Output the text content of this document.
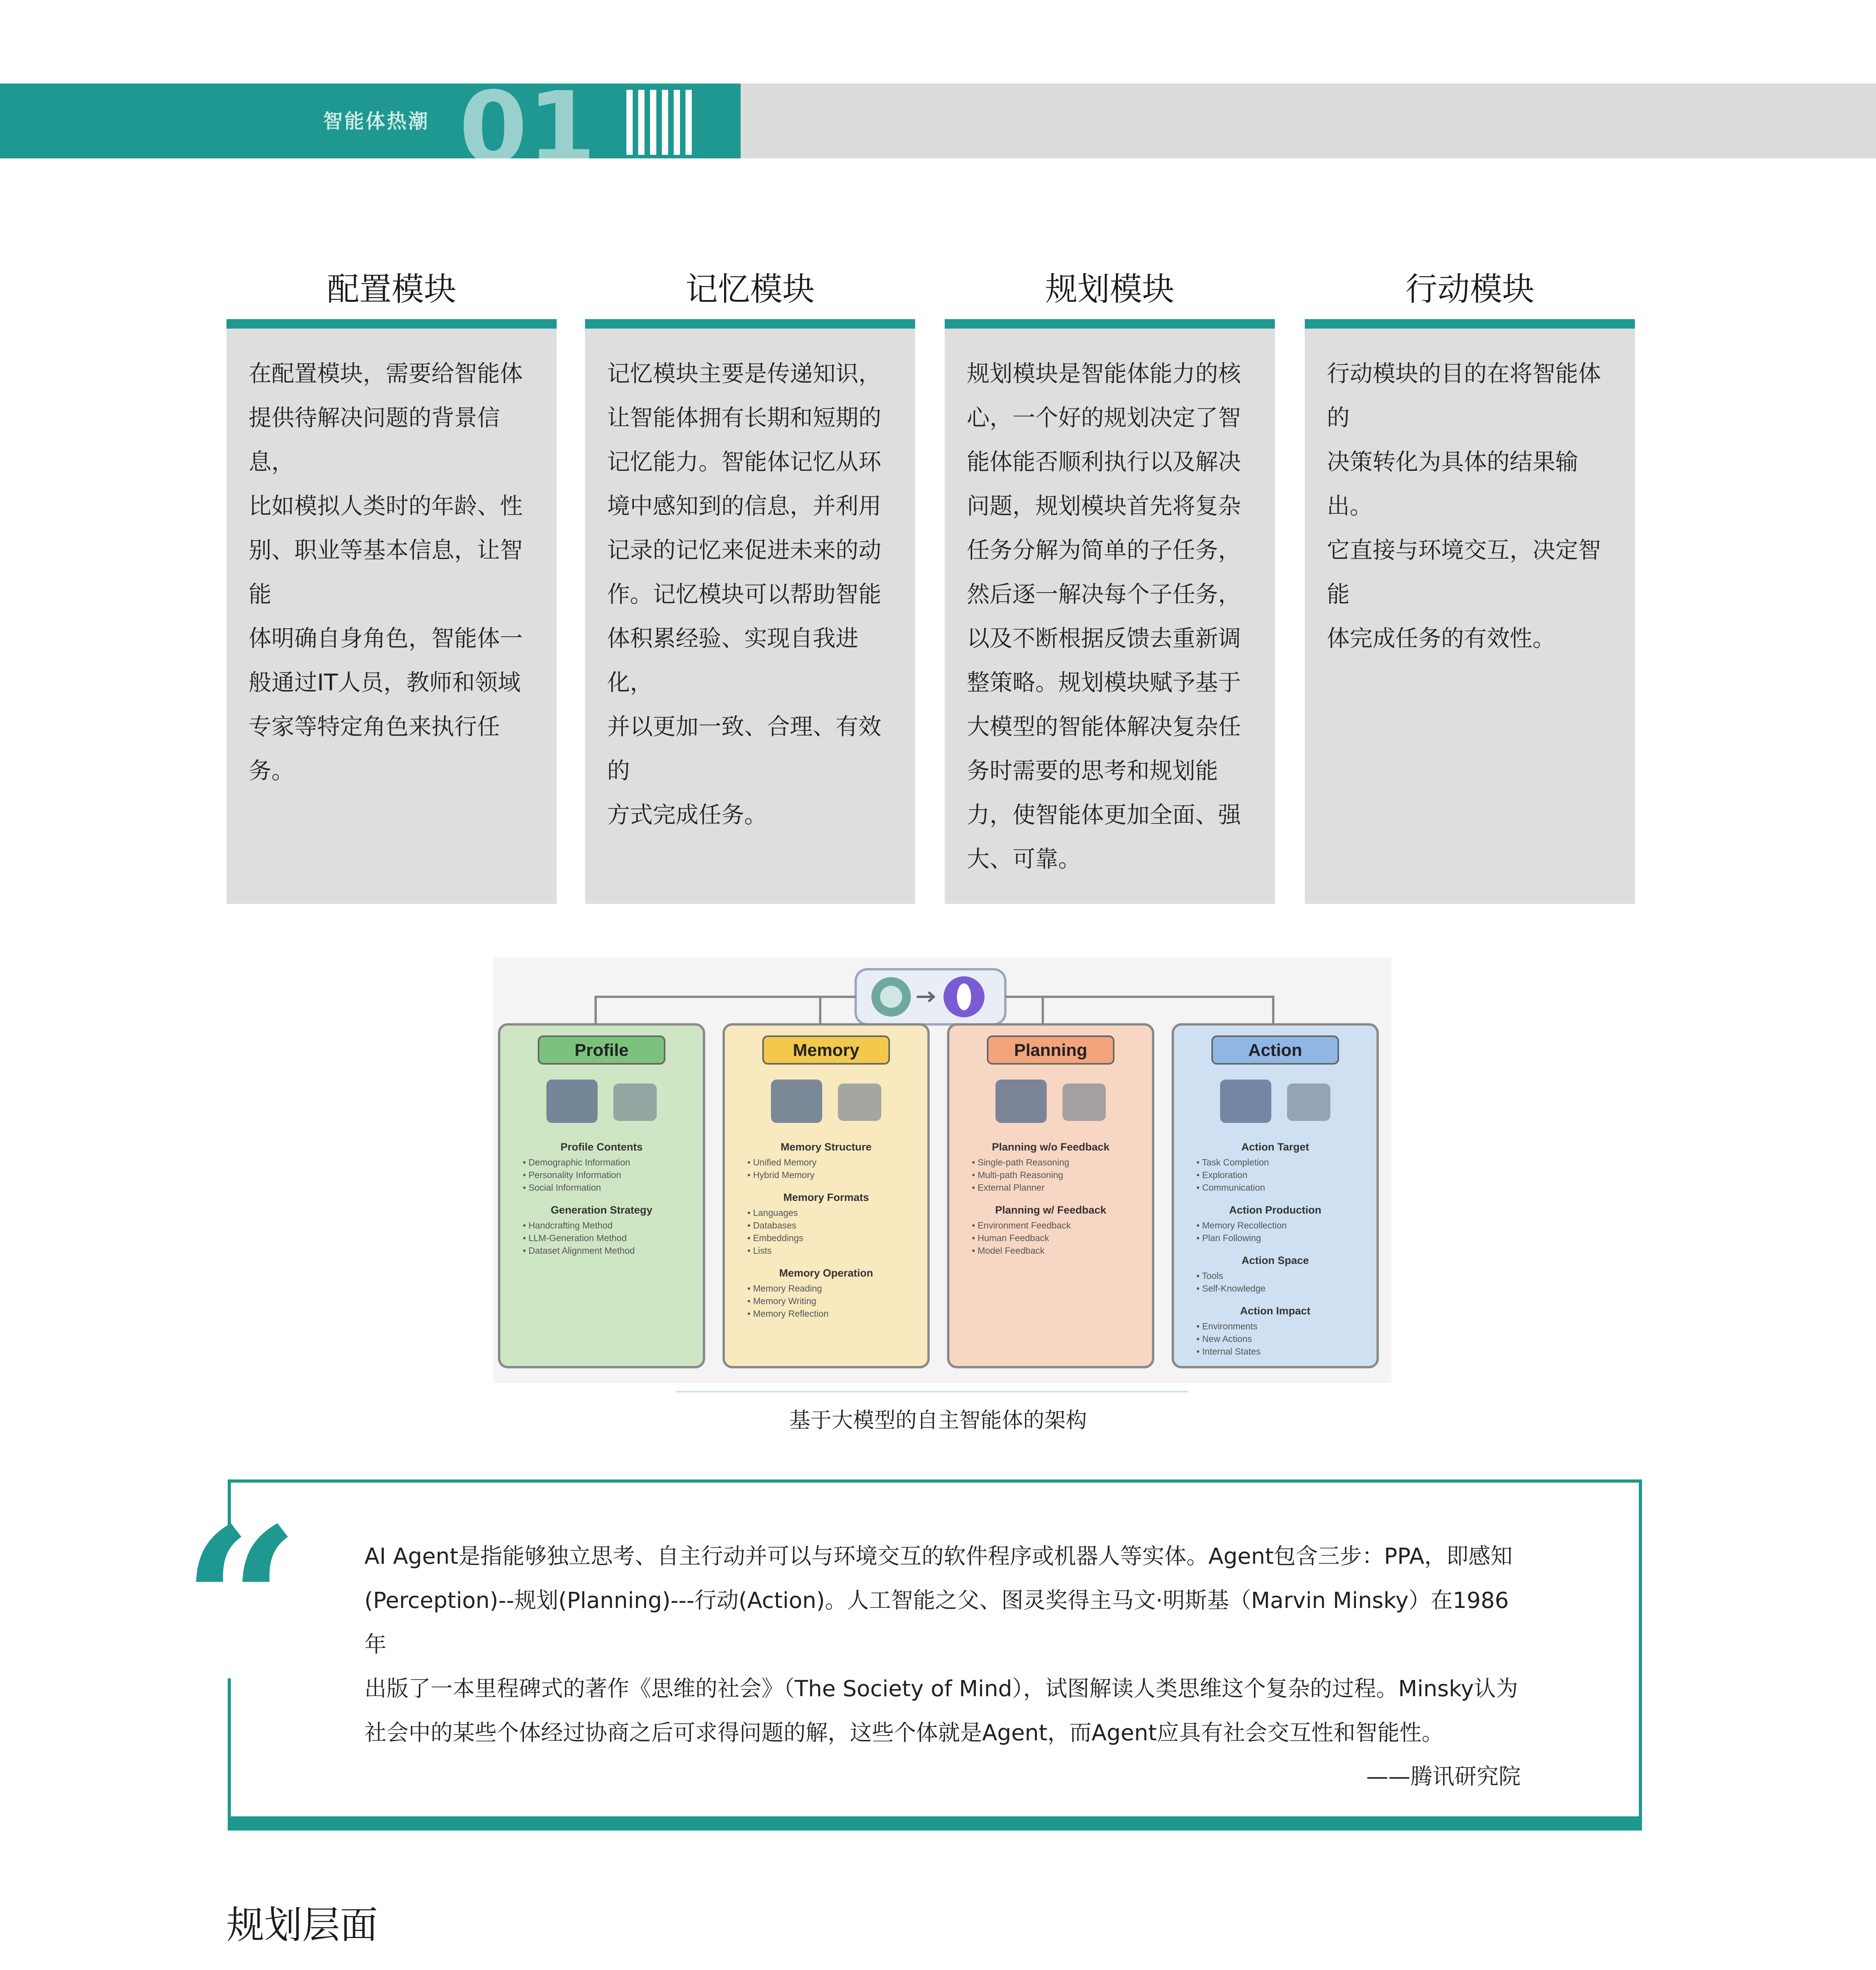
智能体热潮 01
配置模块
在配置模块，需要给智能体
提供待解决问题的背景信息，
比如模拟人类时的年龄、性
别、职业等基本信息，让智能
体明确自身角色，智能体一
般通过IT人员，教师和领域
专家等特定角色来执行任务。
记忆模块
记忆模块主要是传递知识，
让智能体拥有长期和短期的
记忆能力。智能体记忆从环
境中感知到的信息，并利用
记录的记忆来促进未来的动
作。记忆模块可以帮助智能
体积累经验、实现自我进化，
并以更加一致、合理、有效的
方式完成任务。
规划模块
规划模块是智能体能力的核
心，一个好的规划决定了智
能体能否顺利执行以及解决
问题，规划模块首先将复杂
任务分解为简单的子任务，
然后逐一解决每个子任务，
以及不断根据反馈去重新调
整策略。规划模块赋予基于
大模型的智能体解决复杂任
务时需要的思考和规划能
力，使智能体更加全面、强
大、可靠。
行动模块
行动模块的目的在将智能体的
决策转化为具体的结果输出。
它直接与环境交互，决定智能
体完成任务的有效性。
Profile
Profile Contents
• Demographic Information
• Personality Information
• Social Information
Generation Strategy
• Handcrafting Method
• LLM-Generation Method
• Dataset Alignment Method
Memory
Memory Structure
• Unified Memory
• Hybrid Memory
Memory Formats
• Languages
• Databases
• Embeddings
• Lists
Memory Operation
• Memory Reading
• Memory Writing
• Memory Reflection
Planning
Planning w/o Feedback
• Single-path Reasoning
• Multi-path Reasoning
• External Planner
Planning w/ Feedback
• Environment Feedback
• Human Feedback
• Model Feedback
Action
Action Target
• Task Completion
• Exploration
• Communication
Action Production
• Memory Recollection
• Plan Following
Action Space
• Tools
• Self-Knowledge
Action Impact
• Environments
• New Actions
• Internal States
基于大模型的自主智能体的架构
“	AI Agent是指能够独立思考、自主行动并可以与环境交互的软件程序或机器人等实体。Agent包含三步：PPA，即感知
(Perception)--规划(Planning)---行动(Action)。人工智能之父、图灵奖得主马文·明斯基（Marvin Minsky）在1986年
出版了一本里程碑式的著作《思维的社会》（The Society of Mind），试图解读人类思维这个复杂的过程。Minsky认为
社会中的某些个体经过协商之后可求得问题的解，这些个体就是Agent，而Agent应具有社会交互性和智能性。
——腾讯研究院
规划层面
